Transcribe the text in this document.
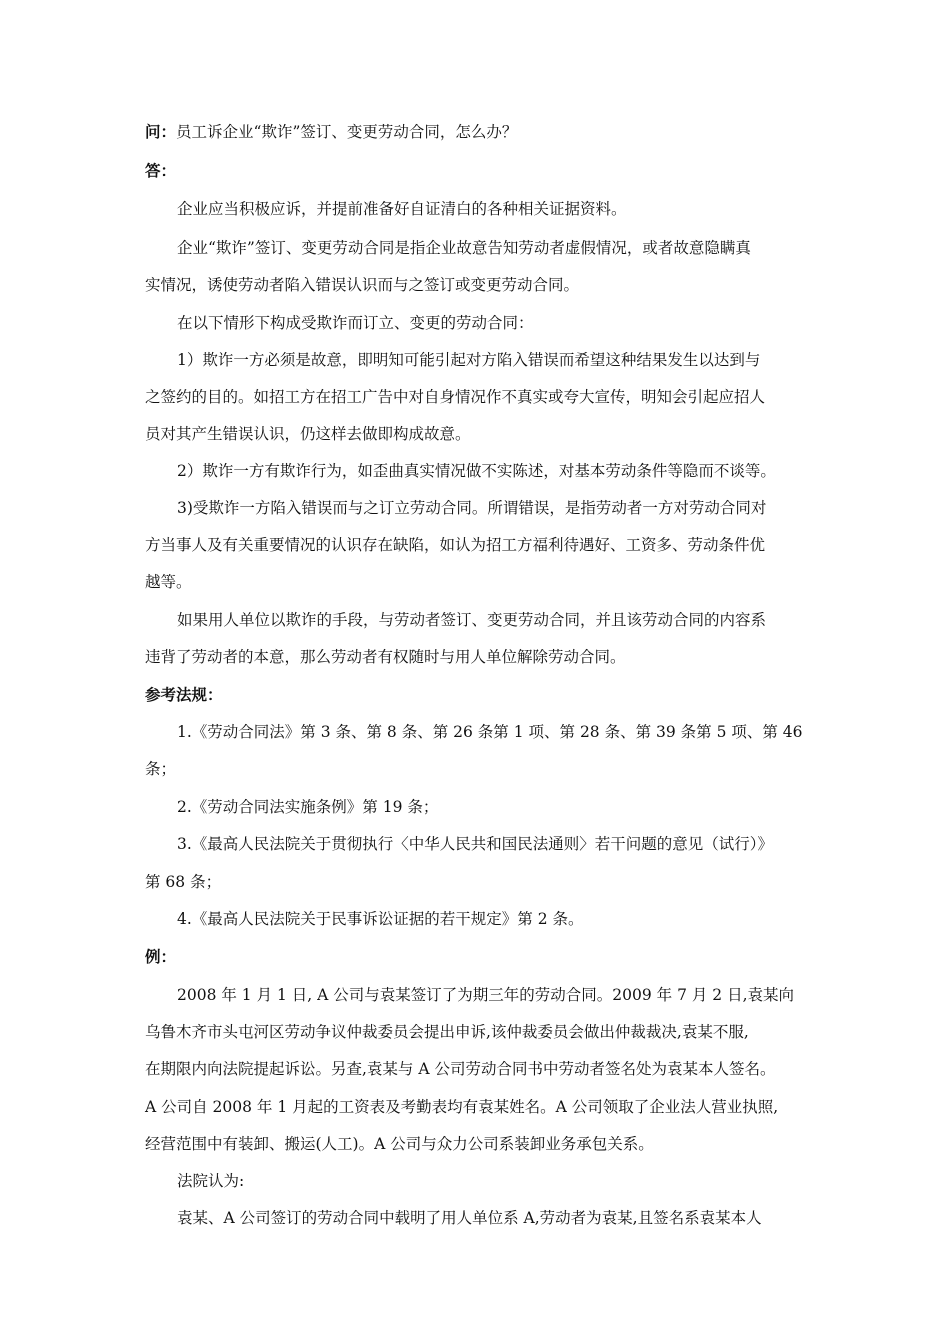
问：员工诉企业“欺诈”签订、变更劳动合同，怎么办？
答：
企业应当积极应诉，并提前准备好自证清白的各种相关证据资料。
企业“欺诈”签订、变更劳动合同是指企业故意告知劳动者虚假情况，或者故意隐瞒真
实情况，诱使劳动者陷入错误认识而与之签订或变更劳动合同。
在以下情形下构成受欺诈而订立、变更的劳动合同：
1）欺诈一方必须是故意，即明知可能引起对方陷入错误而希望这种结果发生以达到与
之签约的目的。如招工方在招工广告中对自身情况作不真实或夸大宣传，明知会引起应招人
员对其产生错误认识，仍这样去做即构成故意。
2）欺诈一方有欺诈行为，如歪曲真实情况做不实陈述，对基本劳动条件等隐而不谈等。
3)受欺诈一方陷入错误而与之订立劳动合同。所谓错误，是指劳动者一方对劳动合同对
方当事人及有关重要情况的认识存在缺陷，如认为招工方福利待遇好、工资多、劳动条件优
越等。
如果用人单位以欺诈的手段，与劳动者签订、变更劳动合同，并且该劳动合同的内容系
违背了劳动者的本意，那么劳动者有权随时与用人单位解除劳动合同。
参考法规：
1.《劳动合同法》第 3 条、第 8 条、第 26 条第 1 项、第 28 条、第 39 条第 5 项、第 46
条；
2.《劳动合同法实施条例》第 19 条；
3.《最高人民法院关于贯彻执行〈中华人民共和国民法通则〉若干问题的意见（试行）》
第 68 条；
4.《最高人民法院关于民事诉讼证据的若干规定》第 2 条。
例：
2008 年 1 月 1 日, A 公司与袁某签订了为期三年的劳动合同。2009 年 7 月 2 日,袁某向
乌鲁木齐市头屯河区劳动争议仲裁委员会提出申诉,该仲裁委员会做出仲裁裁决,袁某不服,
在期限内向法院提起诉讼。另查,袁某与 A 公司劳动合同书中劳动者签名处为袁某本人签名。
A 公司自 2008 年 1 月起的工资表及考勤表均有袁某姓名。A 公司领取了企业法人营业执照,
经营范围中有装卸、搬运(人工)。A 公司与众力公司系装卸业务承包关系。
法院认为:
袁某、A 公司签订的劳动合同中载明了用人单位系 A,劳动者为袁某,且签名系袁某本人
